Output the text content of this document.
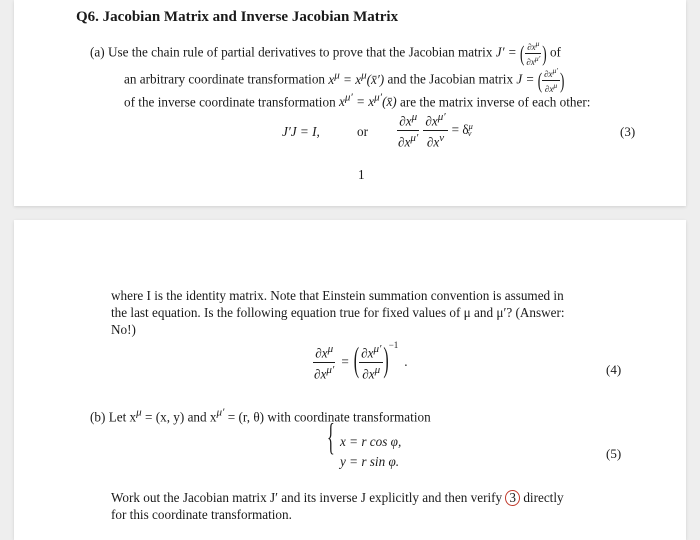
Q6. Jacobian Matrix and Inverse Jacobian Matrix
(a) Use the chain rule of partial derivatives to prove that the Jacobian matrix J′ = ( $\frac{\partial x^\mu}{\partial x^{\mu'}}$ ) of
an arbitrary coordinate transformation $x^\mu$ = $x^\mu(x̄')$ and the Jacobian matrix J = ( $\frac{\partial x^{\mu'}}{\partial x^\mu}$ )
of the inverse coordinate transformation $x^{\mu'}$ = $x^{\mu'}(x̄)$ are the matrix inverse of each other:
J′J = I,	or $\frac{\partial x^\mu}{\partial x^{\mu'}} \frac{\partial x^{\mu'}}{\partial x^\nu} = \delta$ $^\mu_\nu$	(3)
1
where I is the identity matrix. Note that Einstein summation convention is assumed in
the last equation. Is the following equation true for fixed values of μ and μ′? (Answer:
No!)
$\frac{\partial x^\mu}{\partial x^{\mu'}}$ = ( $\frac{\partial x^{\mu'}}{\partial x^\mu}$ ) −1
.
(4)
(b) Let $x^\mu = (x$, y) and $x^{\mu'} = (r$, θ) with coordinate transformation
{ x = r cos φ,
y = r sin φ.
(5)
Work out the Jacobian matrix J′ and its inverse J explicitly and then verify 3 directly
for this coordinate transformation.
